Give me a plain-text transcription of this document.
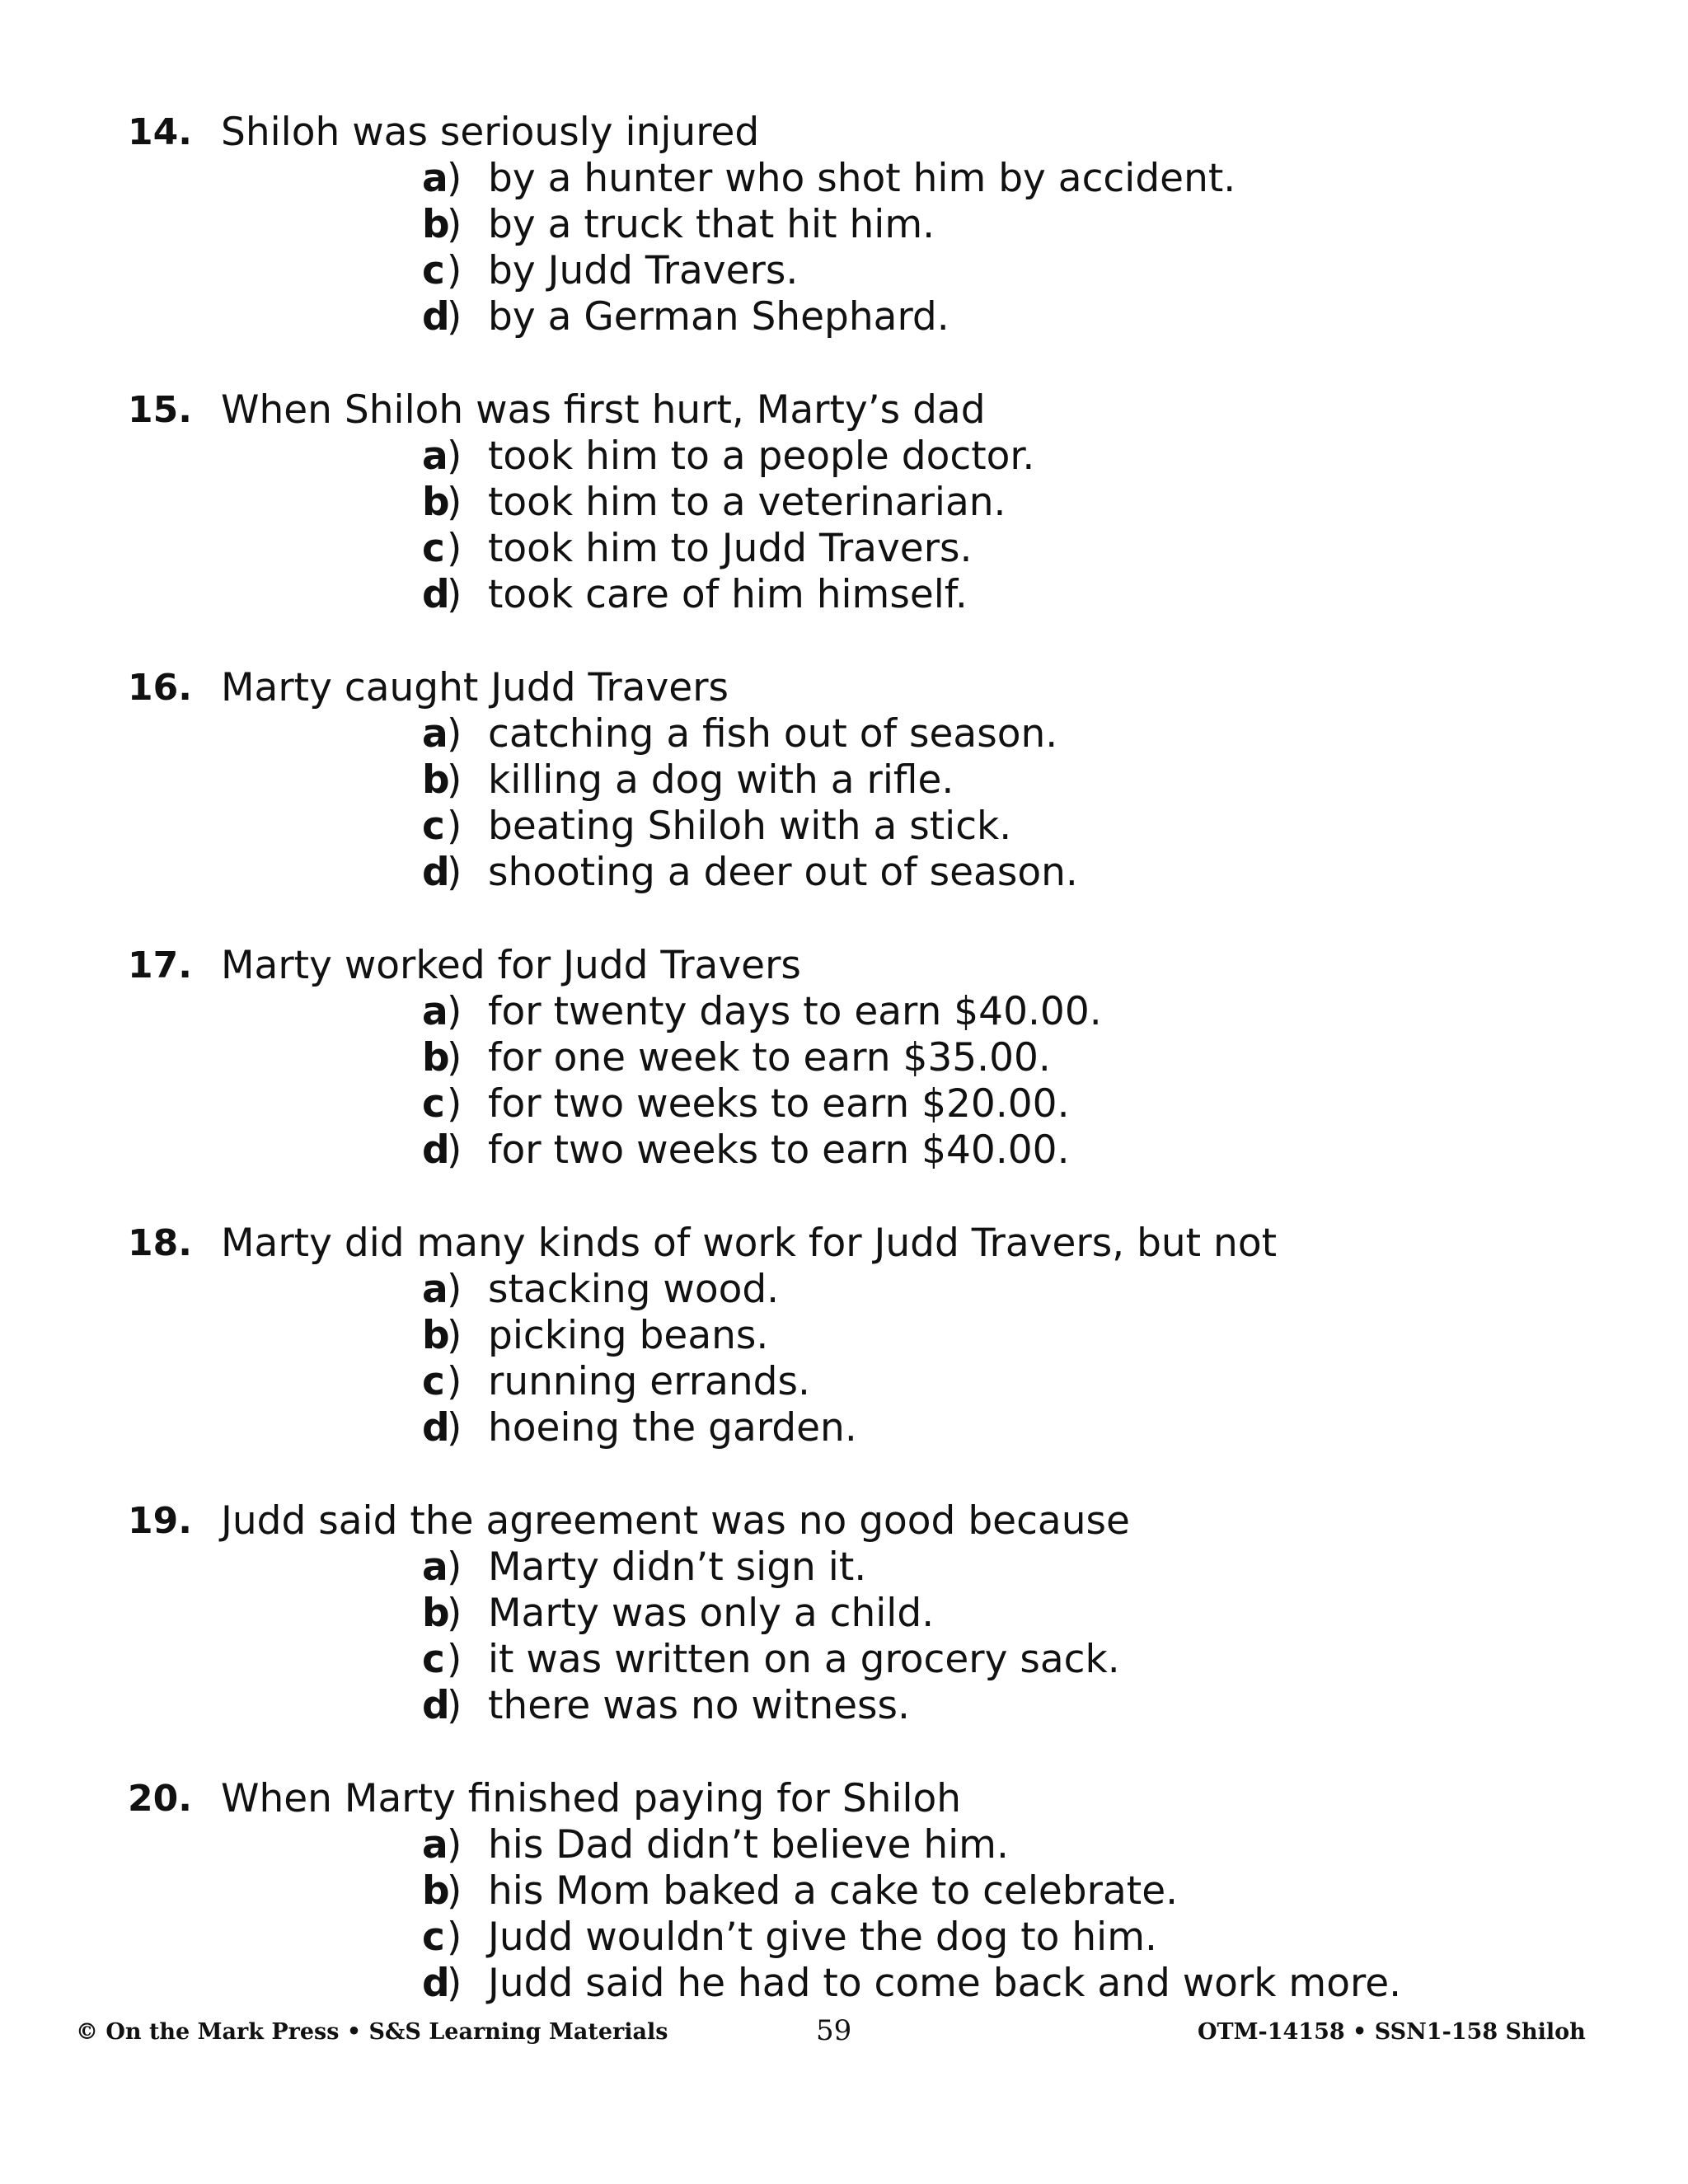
14. Shiloh was seriously injured
a
) by a hunter who shot him by accident.
b
) by a truck that hit him.
c ) by Judd Travers.
d
) by a German Shephard.
15. When Shiloh was first hurt, Marty’s dad
a
) took him to a people doctor.
b
) took him to a veterinarian.
c ) took him to Judd Travers.
d
) took care of him himself.
16. Marty caught Judd Travers
a
) catching a fish out of season.
b
) killing a dog with a rifle.
c ) beating Shiloh with a stick.
d
) shooting a deer out of season.
17. Marty worked for Judd Travers
a
) for twenty days to earn $40.00.
b
) for one week to earn $35.00.
c ) for two weeks to earn $20.00.
d
) for two weeks to earn $40.00.
18. Marty did many kinds of work for Judd Travers, but not
a
) stacking wood.
b
) picking beans.
c ) running errands.
d
) hoeing the garden.
19. Judd said the agreement was no good because
a
) Marty didn’t sign it.
b
) Marty was only a child.
c ) it was written on a grocery sack.
d
) there was no witness.
20. When Marty finished paying for Shiloh
a
) his Dad didn’t believe him.
b
) his Mom baked a cake to celebrate.
c ) Judd wouldn’t give the dog to him.
d
) Judd said he had to come back and work more.
© On the Mark Press • S&S Learning Materials	59	OTM-14158 • SSN1-158 Shiloh
